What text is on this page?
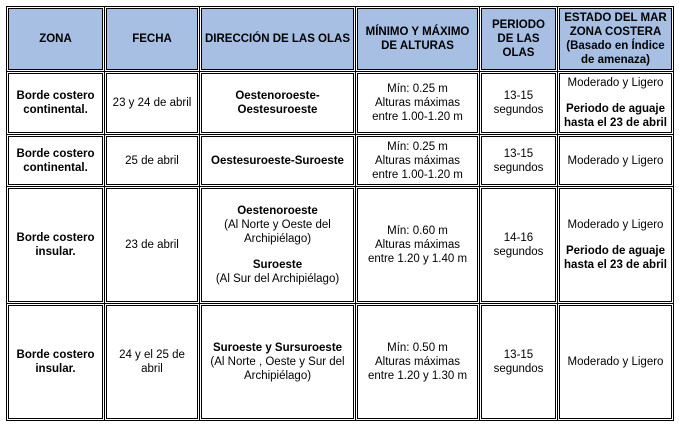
ZONA	FECHA	DIRECCIÓN DE LAS OLAS	MÍNIMO Y MÁXIMO DE ALTURAS	PERIODO DE LAS OLAS	ESTADO DEL MAR ZONA COSTERA (Basado en Índice de amenaza)
Borde costero continental.	23 y 24 de abril	Oestenoroeste-Oestesuroeste	Mín: 0.25 m
Alturas máximas
entre 1.00-1.20 m	13-15 segundos	Moderado y Ligero
Periodo de aguaje hasta el 23 de abril

Borde costero continental.	25 de abril	Oestesuroeste-Suroeste	Mín: 0.25 m
Alturas máximas
entre 1.00-1.20 m	13-15 segundos	Moderado y Ligero

Borde costero insular.	23 de abril	Oestenoroeste
(Al Norte y Oeste del Archipiélago)
Suroeste
(Al Sur del Archipiélago)	Mín: 0.60 m
Alturas máximas
entre 1.20 y 1.40 m	14-16 segundos	Moderado y Ligero
Periodo de aguaje hasta el 23 de abril

Borde costero insular.	24 y el 25 de abril	Suroeste y Sursuroeste
(Al Norte , Oeste y Sur del Archipiélago)	Mín: 0.50 m
Alturas máximas
entre 1.20 y 1.30 m	13-15 segundos	Moderado y Ligero
